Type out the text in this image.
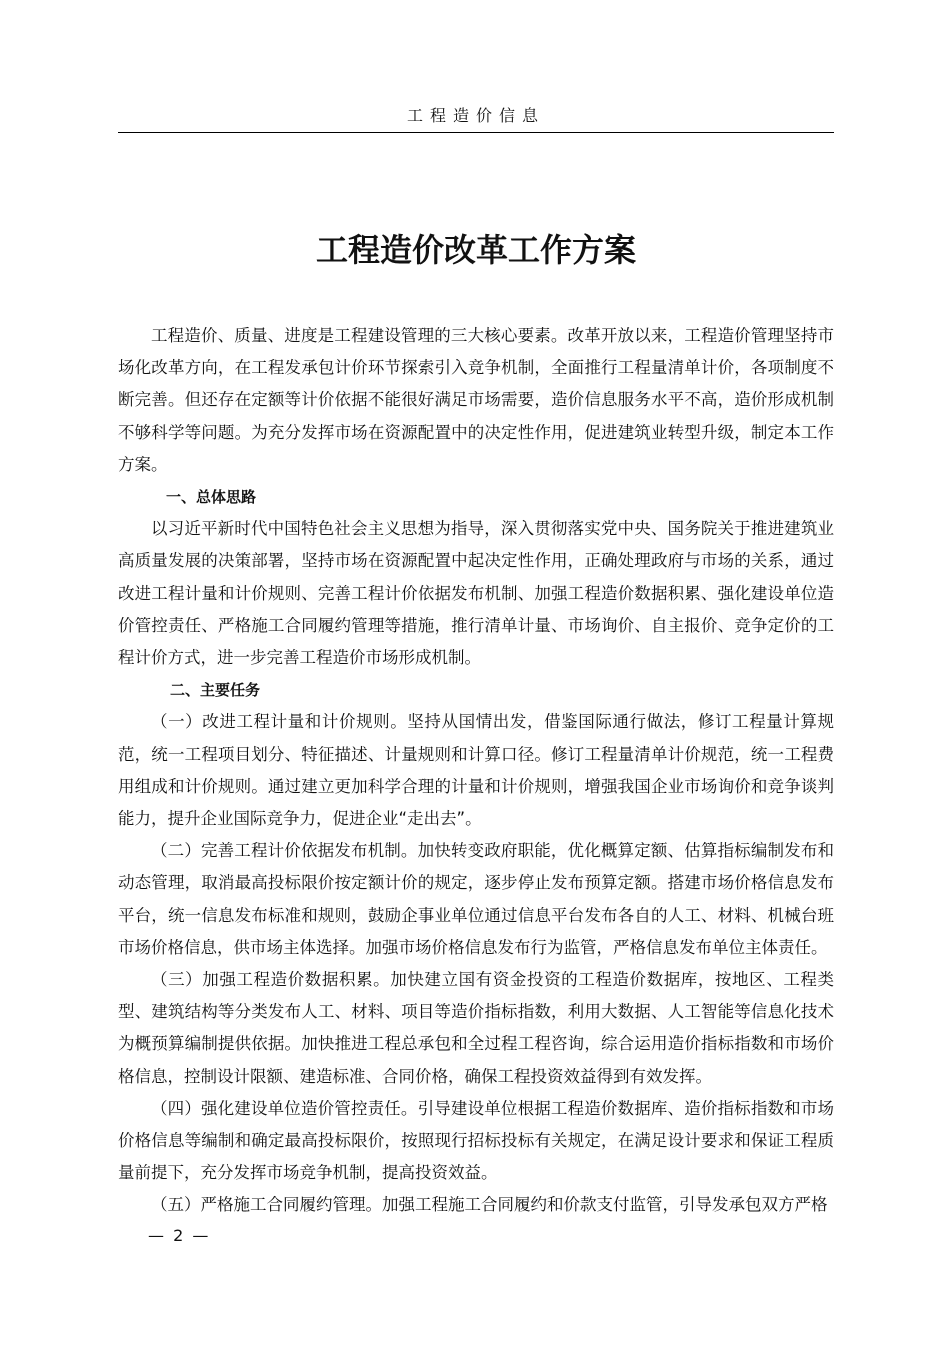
工程造价信息
工程造价改革工作方案

工程造价、质量、进度是工程建设管理的三大核心要素。改革开放以来，工程造价管理坚持市场化改革方向，在工程发承包计价环节探索引入竞争机制，全面推行工程量清单计价，各项制度不断完善。但还存在定额等计价依据不能很好满足市场需要，造价信息服务水平不高，造价形成机制不够科学等问题。为充分发挥市场在资源配置中的决定性作用，促进建筑业转型升级，制定本工作方案。

一、总体思路

以习近平新时代中国特色社会主义思想为指导，深入贯彻落实党中央、国务院关于推进建筑业高质量发展的决策部署，坚持市场在资源配置中起决定性作用，正确处理政府与市场的关系，通过改进工程计量和计价规则、完善工程计价依据发布机制、加强工程造价数据积累、强化建设单位造价管控责任、严格施工合同履约管理等措施，推行清单计量、市场询价、自主报价、竞争定价的工程计价方式，进一步完善工程造价市场形成机制。

二、主要任务

（一）改进工程计量和计价规则。坚持从国情出发，借鉴国际通行做法，修订工程量计算规范，统一工程项目划分、特征描述、计量规则和计算口径。修订工程量清单计价规范，统一工程费用组成和计价规则。通过建立更加科学合理的计量和计价规则，增强我国企业市场询价和竞争谈判能力，提升企业国际竞争力，促进企业“走出去”。

（二）完善工程计价依据发布机制。加快转变政府职能，优化概算定额、估算指标编制发布和动态管理，取消最高投标限价按定额计价的规定，逐步停止发布预算定额。搭建市场价格信息发布平台，统一信息发布标准和规则，鼓励企事业单位通过信息平台发布各自的人工、材料、机械台班市场价格信息，供市场主体选择。加强市场价格信息发布行为监管，严格信息发布单位主体责任。

（三）加强工程造价数据积累。加快建立国有资金投资的工程造价数据库，按地区、工程类型、建筑结构等分类发布人工、材料、项目等造价指标指数，利用大数据、人工智能等信息化技术为概预算编制提供依据。加快推进工程总承包和全过程工程咨询，综合运用造价指标指数和市场价格信息，控制设计限额、建造标准、合同价格，确保工程投资效益得到有效发挥。

（四）强化建设单位造价管控责任。引导建设单位根据工程造价数据库、造价指标指数和市场价格信息等编制和确定最高投标限价，按照现行招标投标有关规定，在满足设计要求和保证工程质量前提下，充分发挥市场竞争机制，提高投资效益。

（五）严格施工合同履约管理。加强工程施工合同履约和价款支付监管，引导发承包双方严格

— 2 —
